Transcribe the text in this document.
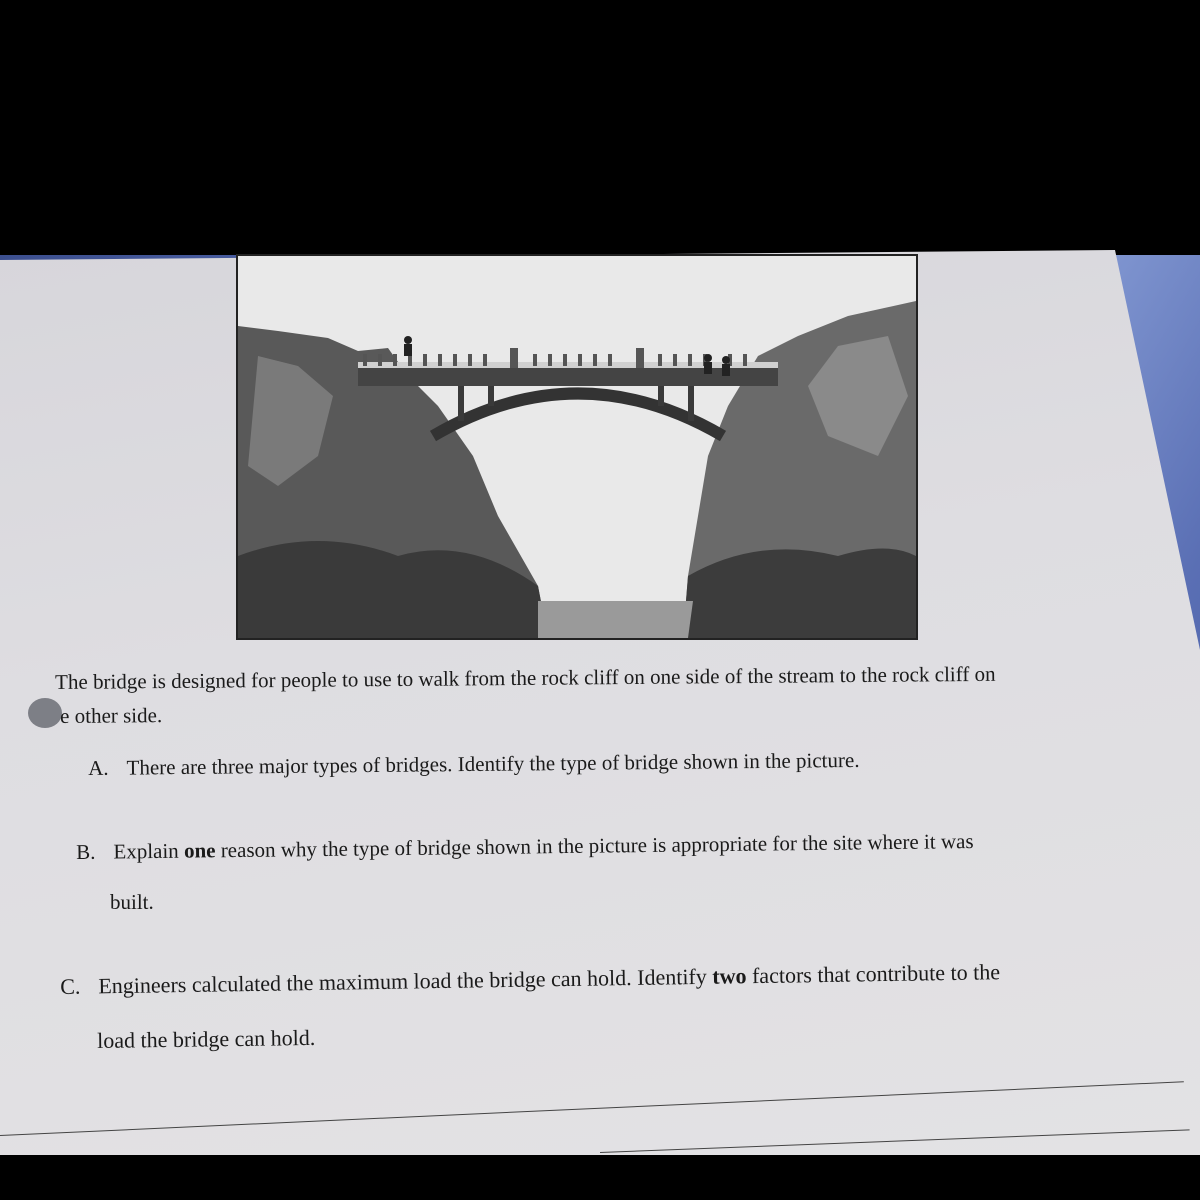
The bridge is designed for people to use to walk from the rock cliff on one side of the stream to the rock cliff on
e other side.
A. There are three major types of bridges. Identify the type of bridge shown in the picture.
B. Explain one reason why the type of bridge shown in the picture is appropriate for the site where it was
built.
C. Engineers calculated the maximum load the bridge can hold. Identify two factors that contribute to the
load the bridge can hold.
